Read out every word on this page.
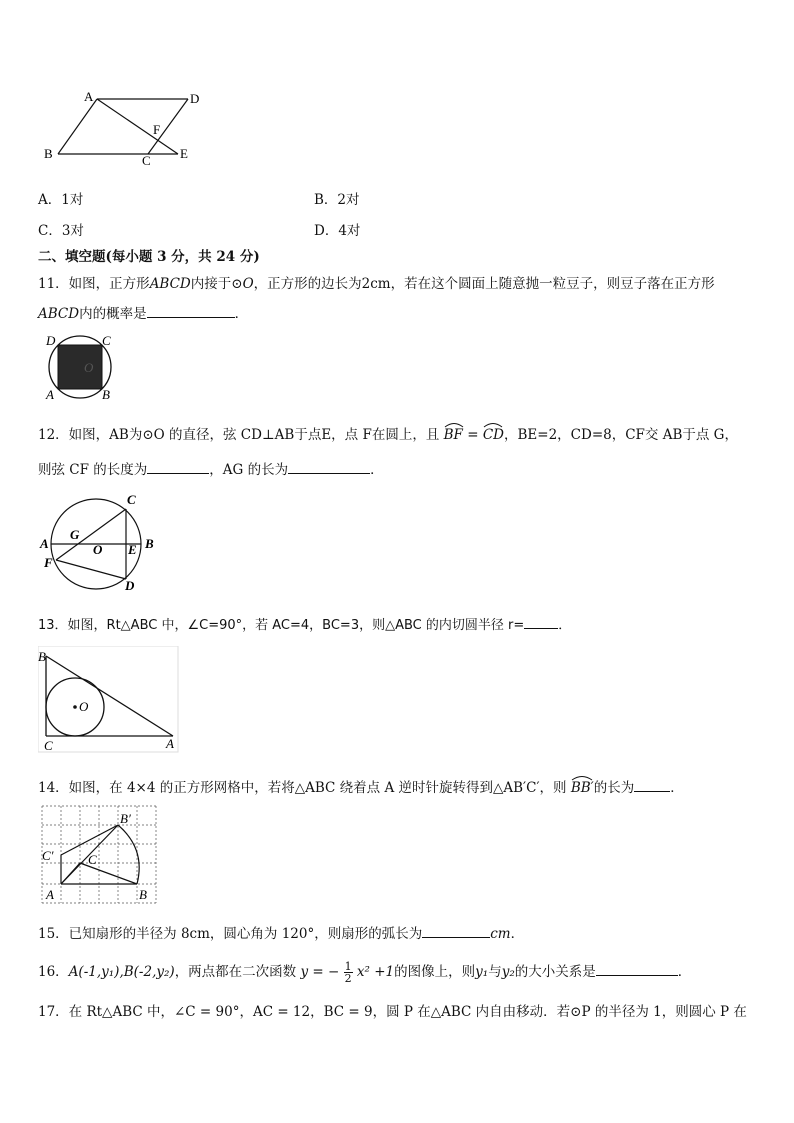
A	D
F
B	C E
A．1对	B．2对
C．3对	D．4对
二、填空题(每小题 3 分，共 24 分)
11．如图，正方形ABCD内接于⊙O，正方形的边长为2cm，若在这个圆面上随意抛一粒豆子，则豆子落在正方形
ABCD内的概率是	．
D	C
A	B
O
12．如图，AB为⊙O 的直径，弦 CD⊥AB于点E，点 F在圆上，且 BF = CD
，BE=2，CD=8，CF交 AB于点 G，
则弦 CF 的长度为	，AG 的长为	．
C
A
G
O E B
F
D
13．如图，Rt△ABC 中，∠C=90°，若 AC=4，BC=3，则△ABC 的内切圆半径 r=	．
B
O
C	A
14．如图，在 4×4 的正方形网格中，若将△ABC 绕着点 A 逆时针旋转得到△AB′C′，则 BB′
的长为	．
B′
C′	C
A	B
15．已知扇形的半径为 8cm，圆心角为 120°，则扇形的弧长为	cm．
16．A(-1,y₁),B(-2,y₂)，两点都在二次函数 y = − $\frac{1}{2} x^2 +1$的图像上，则y₁与y₂的大小关系是	．
17．在 Rt△ABC 中，∠C = 90°，AC = 12，BC = 9，圆 P 在△ABC 内自由移动．若⊙P 的半径为 1，则圆心 P 在
